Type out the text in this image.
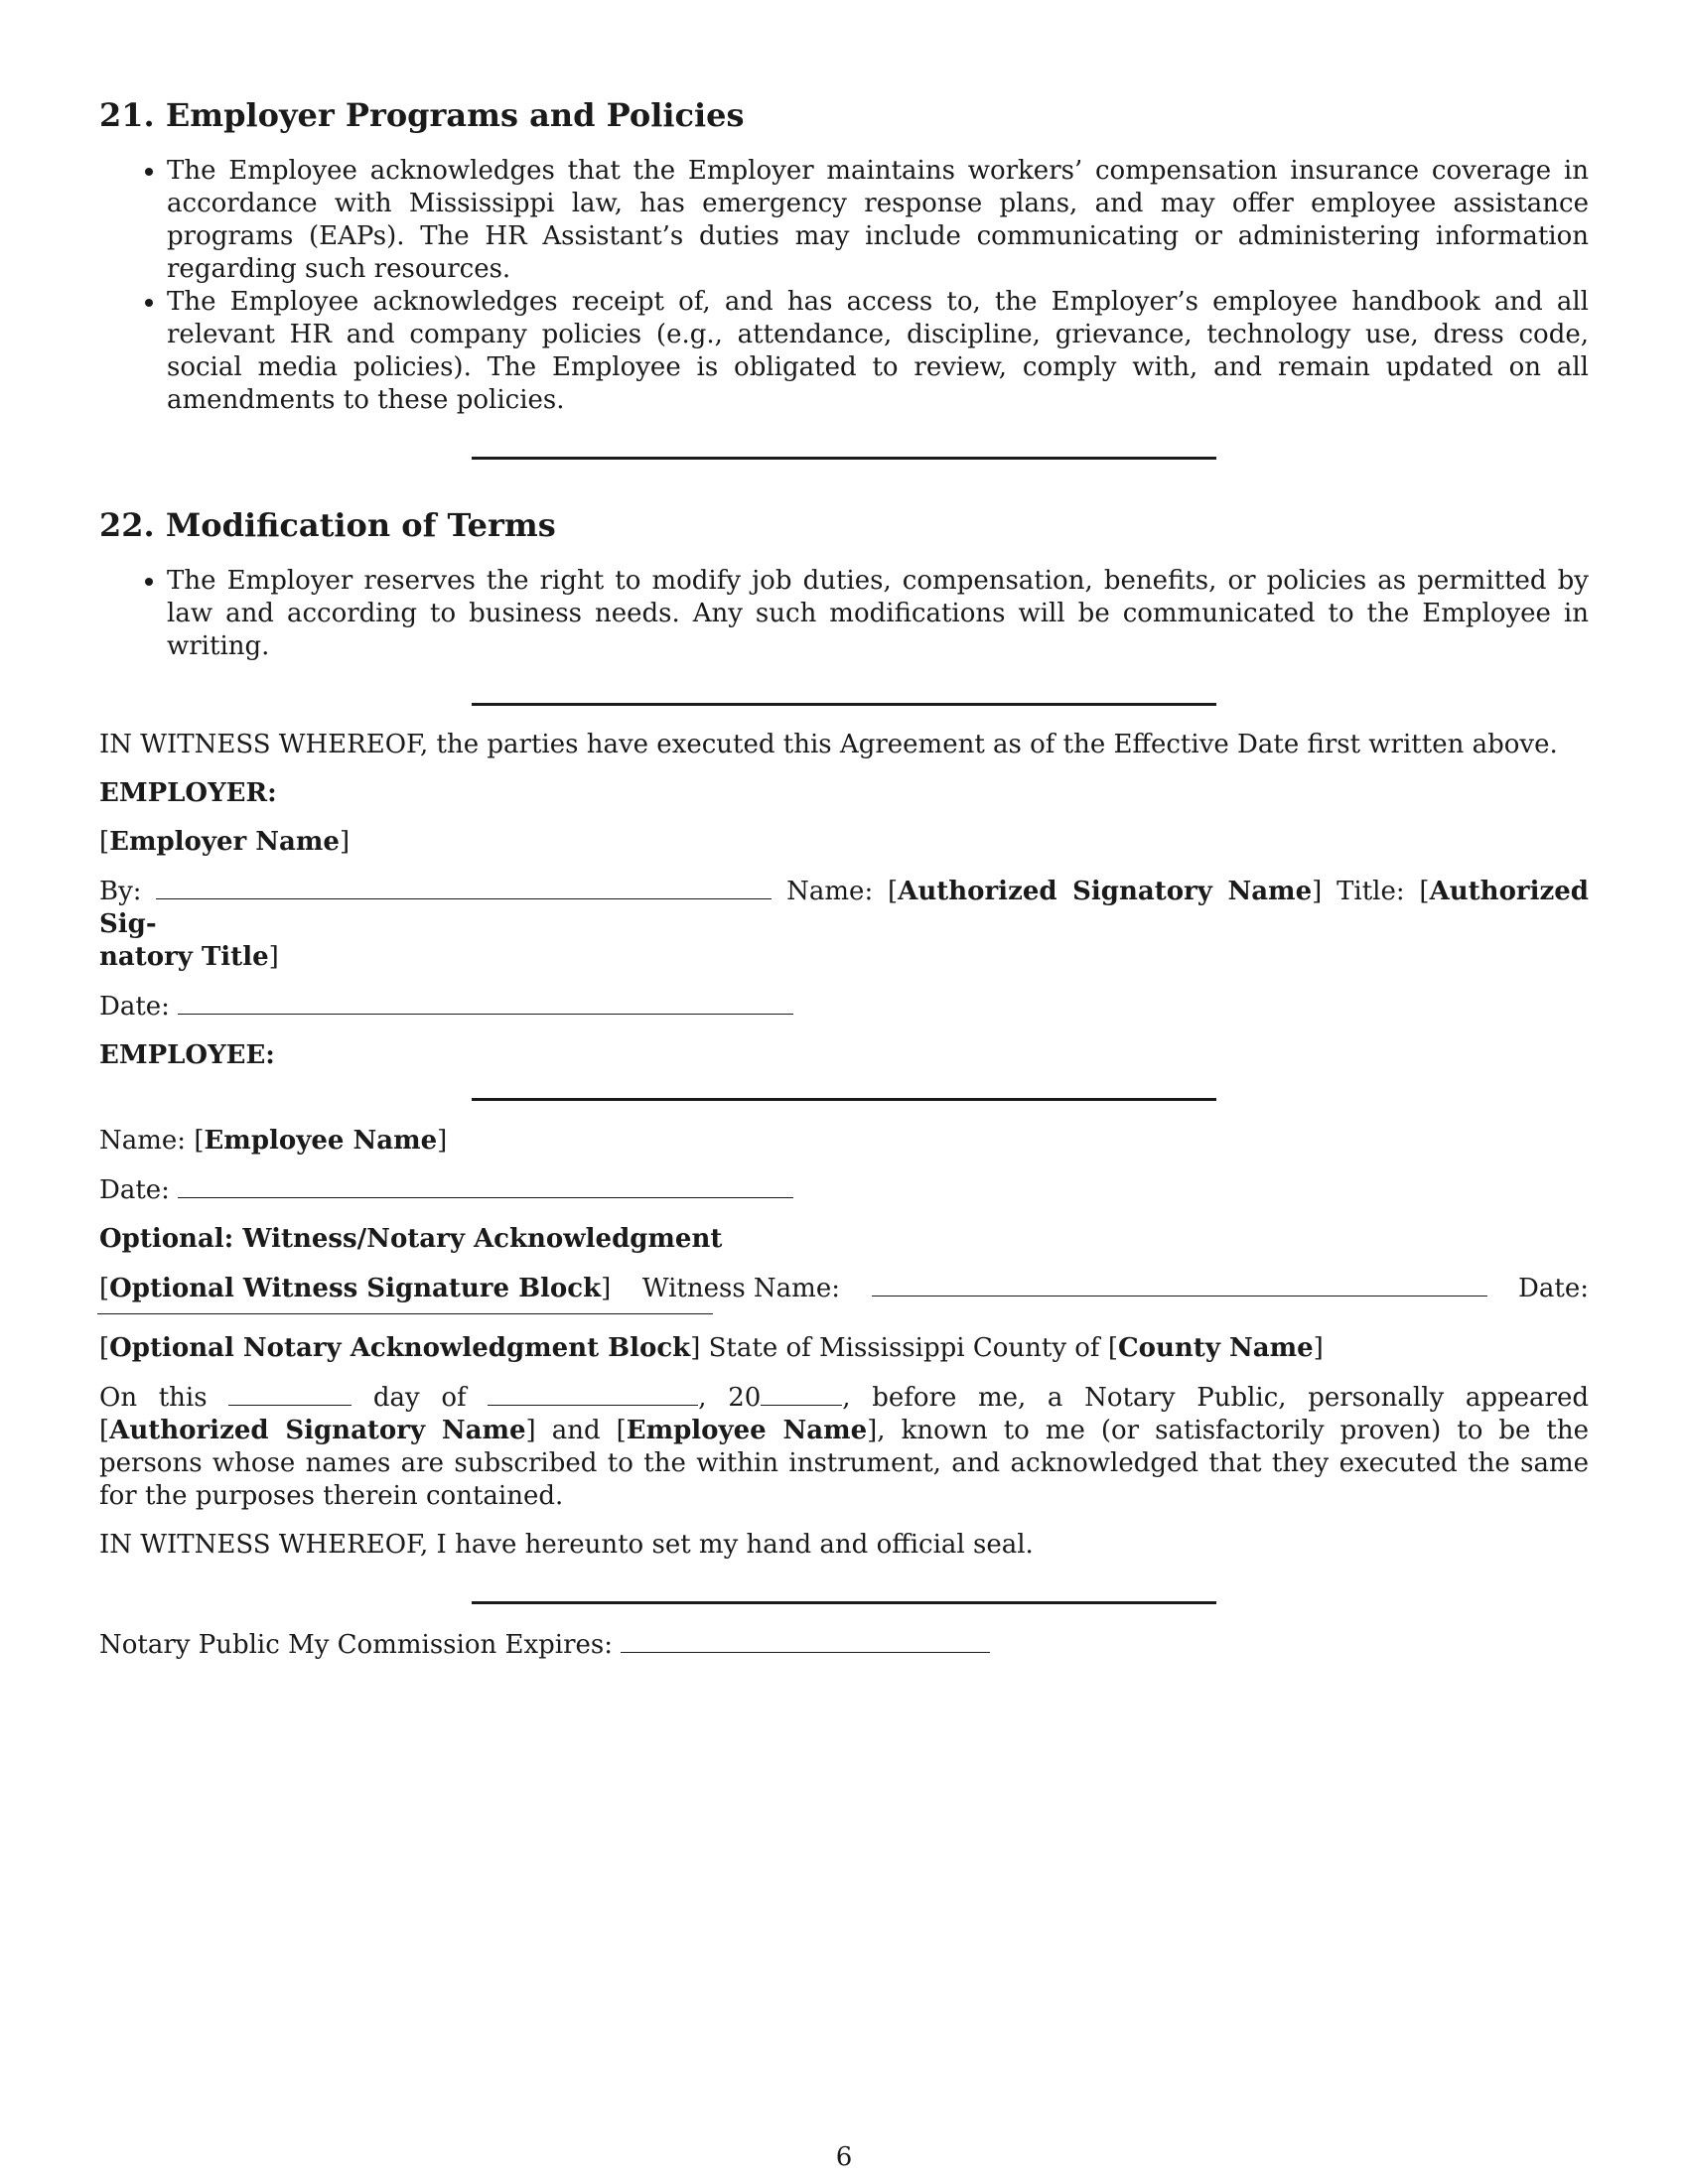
21. Employer Programs and Policies
• The Employee acknowledges that the Employer maintains workers’ compensation insurance coverage in accordance with Mississippi law, has emergency response plans, and may offer employee assistance programs (EAPs). The HR Assistant’s duties may include communicating or administering information regarding such resources.
• The Employee acknowledges receipt of, and has access to, the Employer’s employee handbook and all relevant HR and company policies (e.g., attendance, discipline, grievance, technology use, dress code, social media policies). The Employee is obligated to review, comply with, and remain updated on all amendments to these policies.
22. Modification of Terms
• The Employer reserves the right to modify job duties, compensation, benefits, or policies as permitted by law and according to business needs. Any such modifications will be communicated to the Employee in writing.

IN WITNESS WHEREOF, the parties have executed this Agreement as of the Effective Date first written above.

EMPLOYER:

[Employer Name]

By:	Name: [Authorized Signatory Name] Title: [Authorized Sig-
natory Title]

Date:

EMPLOYEE:

Name: [Employee Name]

Date:

Optional: Witness/Notary Acknowledgment

[Optional Witness Signature Block] Witness Name:	Date:

[Optional Notary Acknowledgment Block] State of Mississippi County of [County Name]

On this	day of	, 20	, before me, a Notary Public, personally appeared [Authorized Signatory Name] and [Employee Name], known to me (or satisfactorily proven) to be the persons whose names are subscribed to the within instrument, and acknowledged that they executed the same for the purposes therein contained.

IN WITNESS WHEREOF, I have hereunto set my hand and official seal.

Notary Public My Commission Expires:

6
